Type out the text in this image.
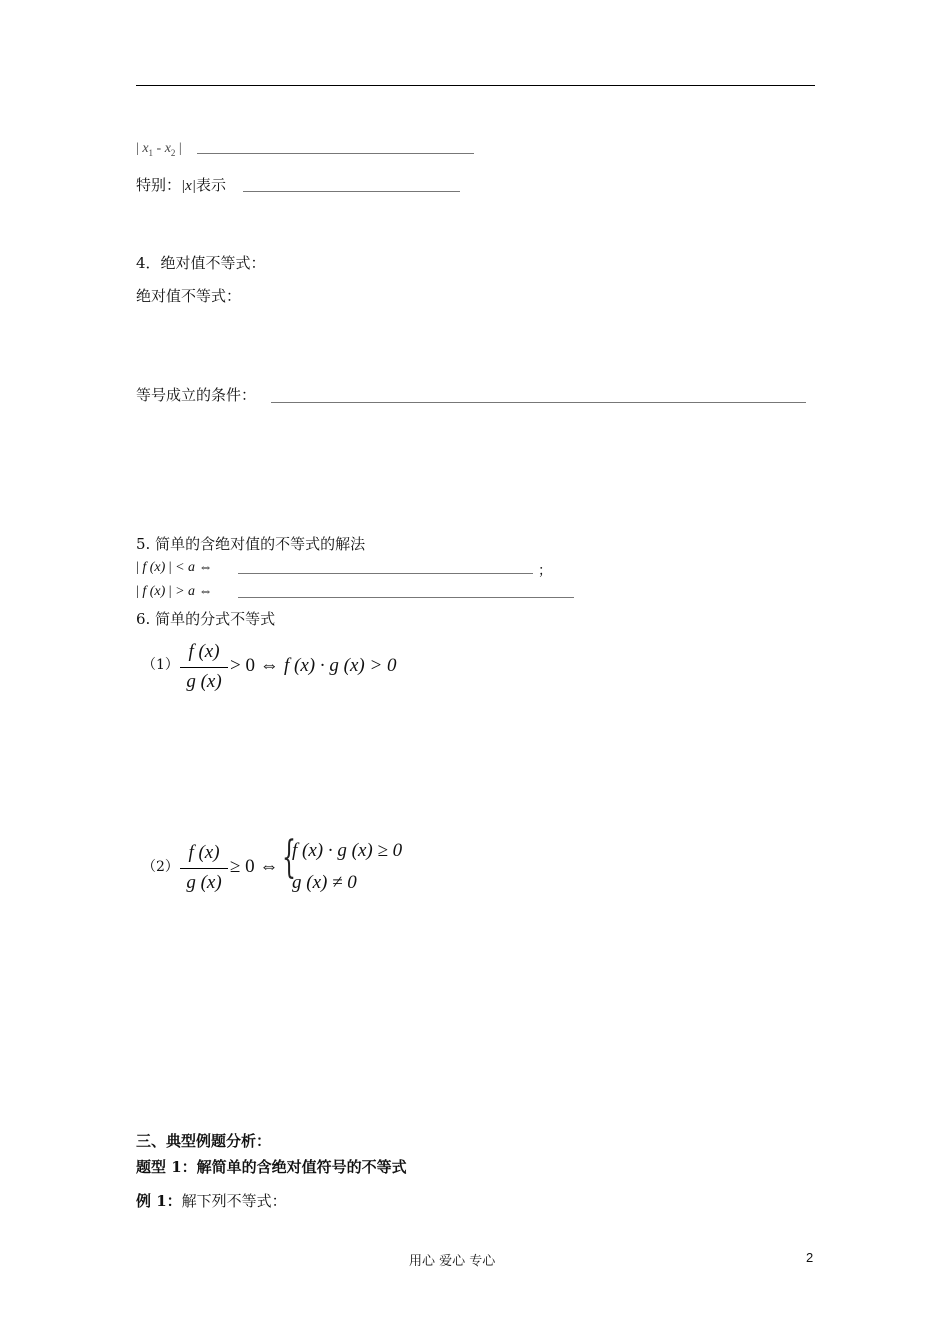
| $x_1 - x_2$ |
特别：|x|表示
4．绝对值不等式：
绝对值不等式：
等号成立的条件：
5. 简单的含绝对值的不等式的解法
| f (x) | < a ⇔	；
| f (x) | > a ⇔
6. 简单的分式不等式
（1）
f (x)
g (x)
> 0 ⇔ f (x) · g (x) > 0
（2）
f (x)
g (x)
≥ 0 ⇔ {
f (x) · g (x) ≥ 0
g (x) ≠ 0
三、典型例题分析：
题型 1：解简单的含绝对值符号的不等式
例 1：解下列不等式：
用心 爱心 专心	2
